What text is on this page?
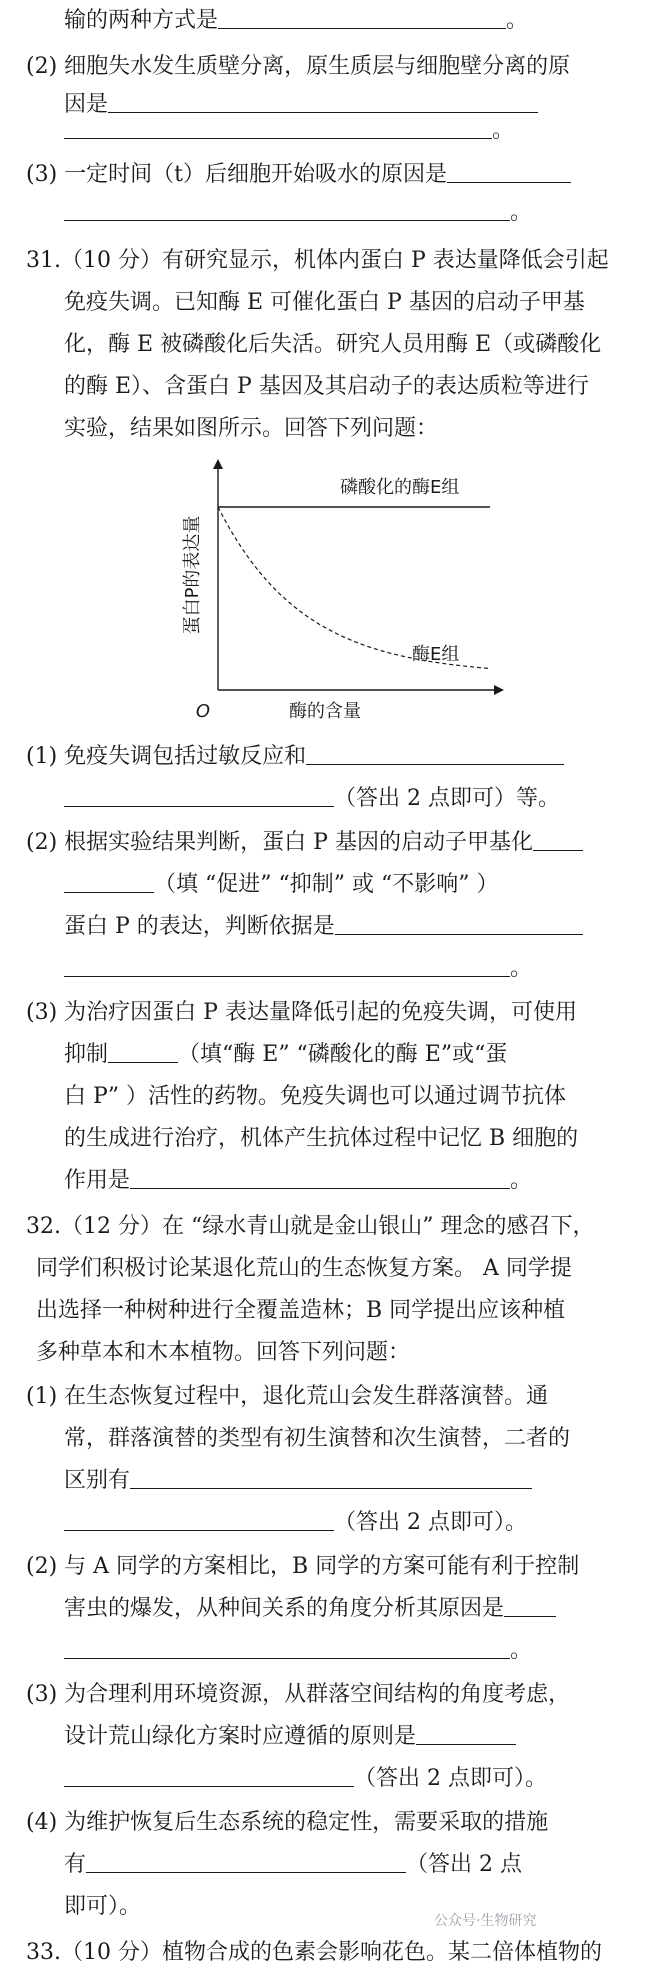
输的两种方式是	。
(2) 细胞失水发生质壁分离，原生质层与细胞壁分离的原
因是
。
(3) 一定时间（t）后细胞开始吸水的原因是
。
31.（10 分）有研究显示，机体内蛋白 P 表达量降低会引起
免疫失调。已知酶 E 可催化蛋白 P 基因的启动子甲基
化，酶 E 被磷酸化后失活。研究人员用酶 E（或磷酸化
的酶 E）、含蛋白 P 基因及其启动子的表达质粒等进行
实验，结果如图所示。回答下列问题：
O	酶的含量
蛋白P的表达量
磷酸化的酶E组
酶E组
(1) 免疫失调包括过敏反应和
（答出 2 点即可）等。
(2) 根据实验结果判断，蛋白 P 基因的启动子甲基化
（填 “促进” “抑制” 或 “不影响” ）
蛋白 P 的表达，判断依据是
。
(3) 为治疗因蛋白 P 表达量降低引起的免疫失调，可使用
抑制	（填“酶 E” “磷酸化的酶 E”或“蛋
白 P” ）活性的药物。免疫失调也可以通过调节抗体
的生成进行治疗，机体产生抗体过程中记忆 B 细胞的
作用是	。
32.（12 分）在 “绿水青山就是金山银山” 理念的感召下，
同学们积极讨论某退化荒山的生态恢复方案。 A 同学提
出选择一种树种进行全覆盖造林；B 同学提出应该种植
多种草本和木本植物。回答下列问题：
(1) 在生态恢复过程中，退化荒山会发生群落演替。通
常，群落演替的类型有初生演替和次生演替，二者的
区别有
（答出 2 点即可）。
(2) 与 A 同学的方案相比，B 同学的方案可能有利于控制
害虫的爆发，从种间关系的角度分析其原因是
。
(3) 为合理利用环境资源，从群落空间结构的角度考虑，
设计荒山绿化方案时应遵循的原则是
（答出 2 点即可）。
(4) 为维护恢复后生态系统的稳定性，需要采取的措施
有	（答出 2 点
即可）。
33.（10 分）植物合成的色素会影响花色。某二倍体植物的
公众号·生物研究
